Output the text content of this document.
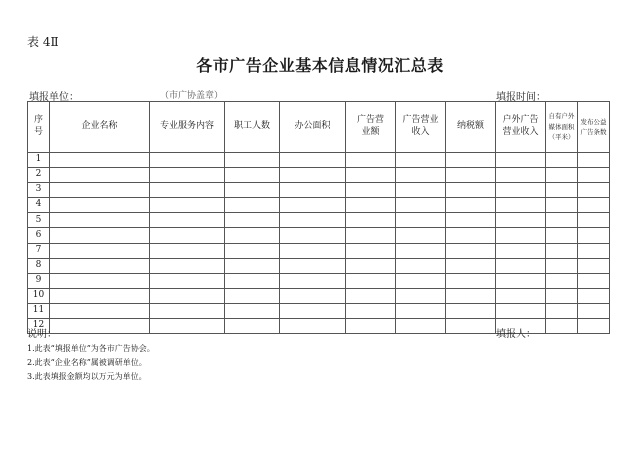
表 4Ⅱ
各市广告企业基本信息情况汇总表
填报单位：	（市广协盖章）	填报时间：
序号	企业名称	专业服务内容	职工人数	办公面积	广告营业额	广告营业收入	纳税额	户外广告营业收入	自有户外媒体面积（平米）	发布公益广告条数
1										
2										
3										
4										
5										
6										
7										
8										
9										
10										
11										
12										
说明：	填报人：
1.此表“填报单位”为各市广告协会。
2.此表“企业名称”属被调研单位。
3.此表填报金额均以万元为单位。
